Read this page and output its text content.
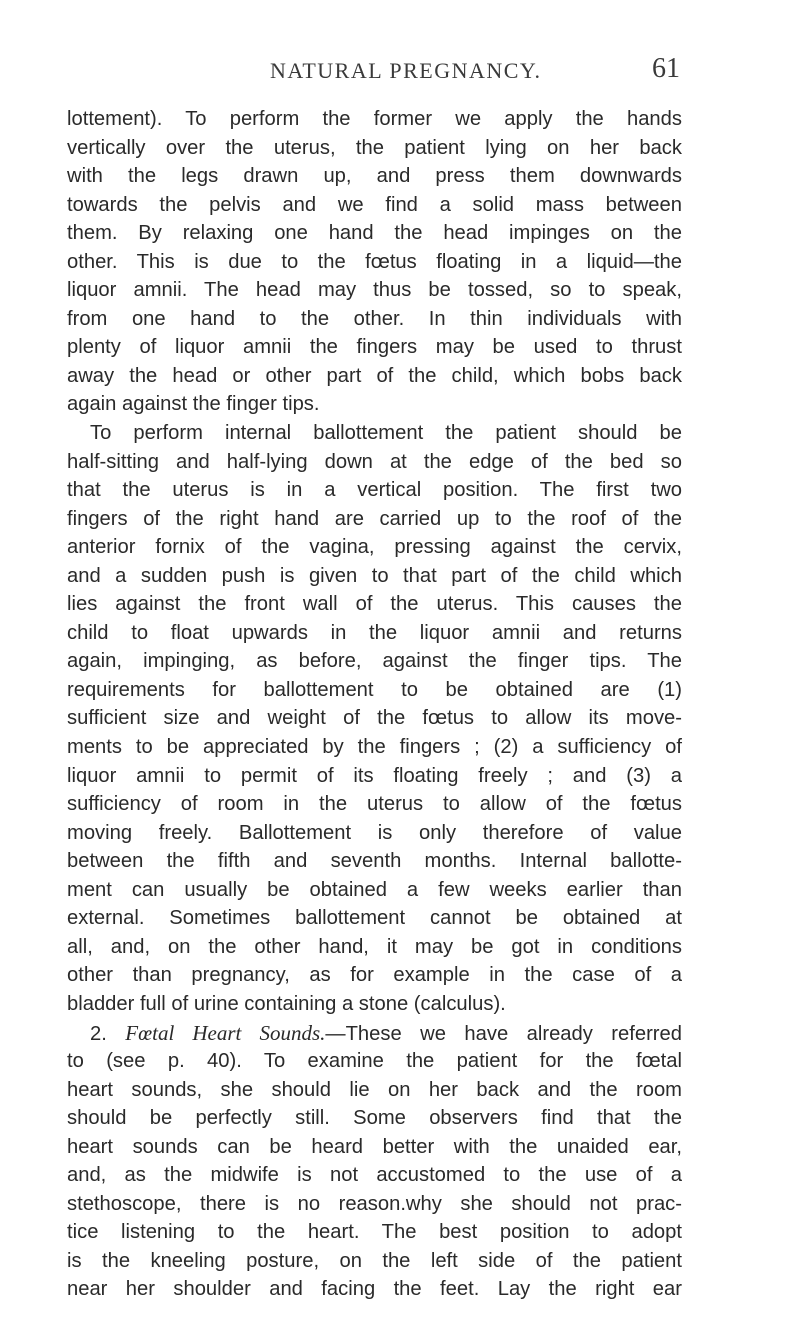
NATURAL PREGNANCY.	61
lottement). To perform the former we apply the hands
vertically over the uterus, the patient lying on her back
with the legs drawn up, and press them downwards
towards the pelvis and we find a solid mass between
them. By relaxing one hand the head impinges on the
other. This is due to the fœtus floating in a liquid—the
liquor amnii. The head may thus be tossed, so to speak,
from one hand to the other. In thin individuals with
plenty of liquor amnii the fingers may be used to thrust
away the head or other part of the child, which bobs back
again against the finger tips.
To perform internal ballottement the patient should be
half-sitting and half-lying down at the edge of the bed so
that the uterus is in a vertical position. The first two
fingers of the right hand are carried up to the roof of the
anterior fornix of the vagina, pressing against the cervix,
and a sudden push is given to that part of the child which
lies against the front wall of the uterus. This causes the
child to float upwards in the liquor amnii and returns
again, impinging, as before, against the finger tips. The
requirements for ballottement to be obtained are (1)
sufficient size and weight of the fœtus to allow its move-
ments to be appreciated by the fingers ; (2) a sufficiency of
liquor amnii to permit of its floating freely ; and (3) a
sufficiency of room in the uterus to allow of the fœtus
moving freely. Ballottement is only therefore of value
between the fifth and seventh months. Internal ballotte-
ment can usually be obtained a few weeks earlier than
external. Sometimes ballottement cannot be obtained at
all, and, on the other hand, it may be got in conditions
other than pregnancy, as for example in the case of a
bladder full of urine containing a stone (calculus).
2. Fœtal Heart Sounds.—These we have already referred
to (see p. 40). To examine the patient for the fœtal
heart sounds, she should lie on her back and the room
should be perfectly still. Some observers find that the
heart sounds can be heard better with the unaided ear,
and, as the midwife is not accustomed to the use of a
stethoscope, there is no reason.why she should not prac-
tice listening to the heart. The best position to adopt
is the kneeling posture, on the left side of the patient
near her shoulder and facing the feet. Lay the right ear
